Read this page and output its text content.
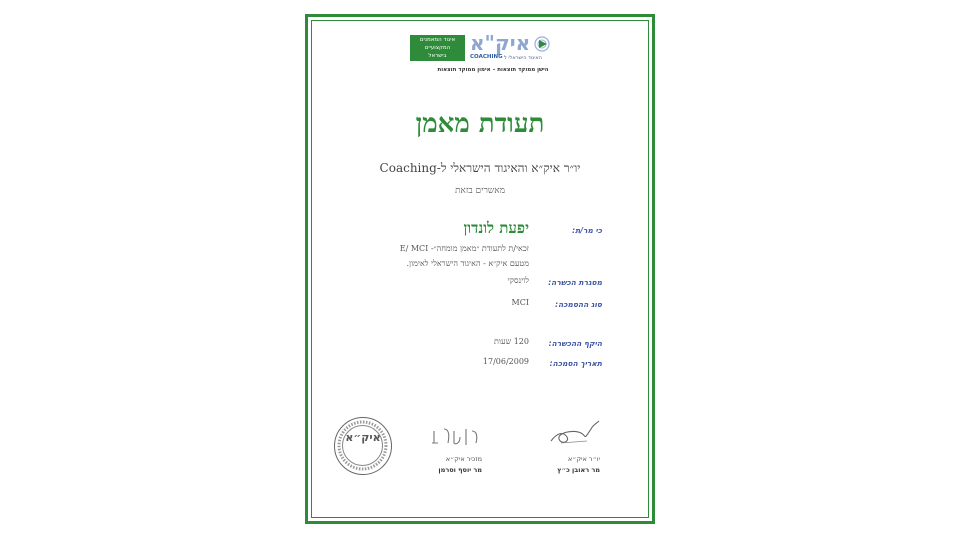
איגוד המאמנים
המקצועיים
בישראל
איק"א
COACHING האיגוד הישראלי ל
הישן ממוקד תוצאות – אימון ממוקד תוצאות
תעודת מאמן
יו״ר איק״א והאיגוד הישראלי ל-Coaching
מאשרים בזאת
כי מר/ת:
יפעת לונדון
זכאי/ת לתעודת ״מאמן מומחה״- E/ MCI
מטעם איק״א - האיגוד הישראלי לאימון.
מסגרת הכשרה:
לוינסקי
סוג ההסמכה:
MCI
היקף ההכשרה:
120 שעות
תאריך הסמכה:
17/06/2009
יו״ר איק״א
מר ראובן כ״ץ
מזכיר איק״א
מר יוסף וסרמן
איק״א
